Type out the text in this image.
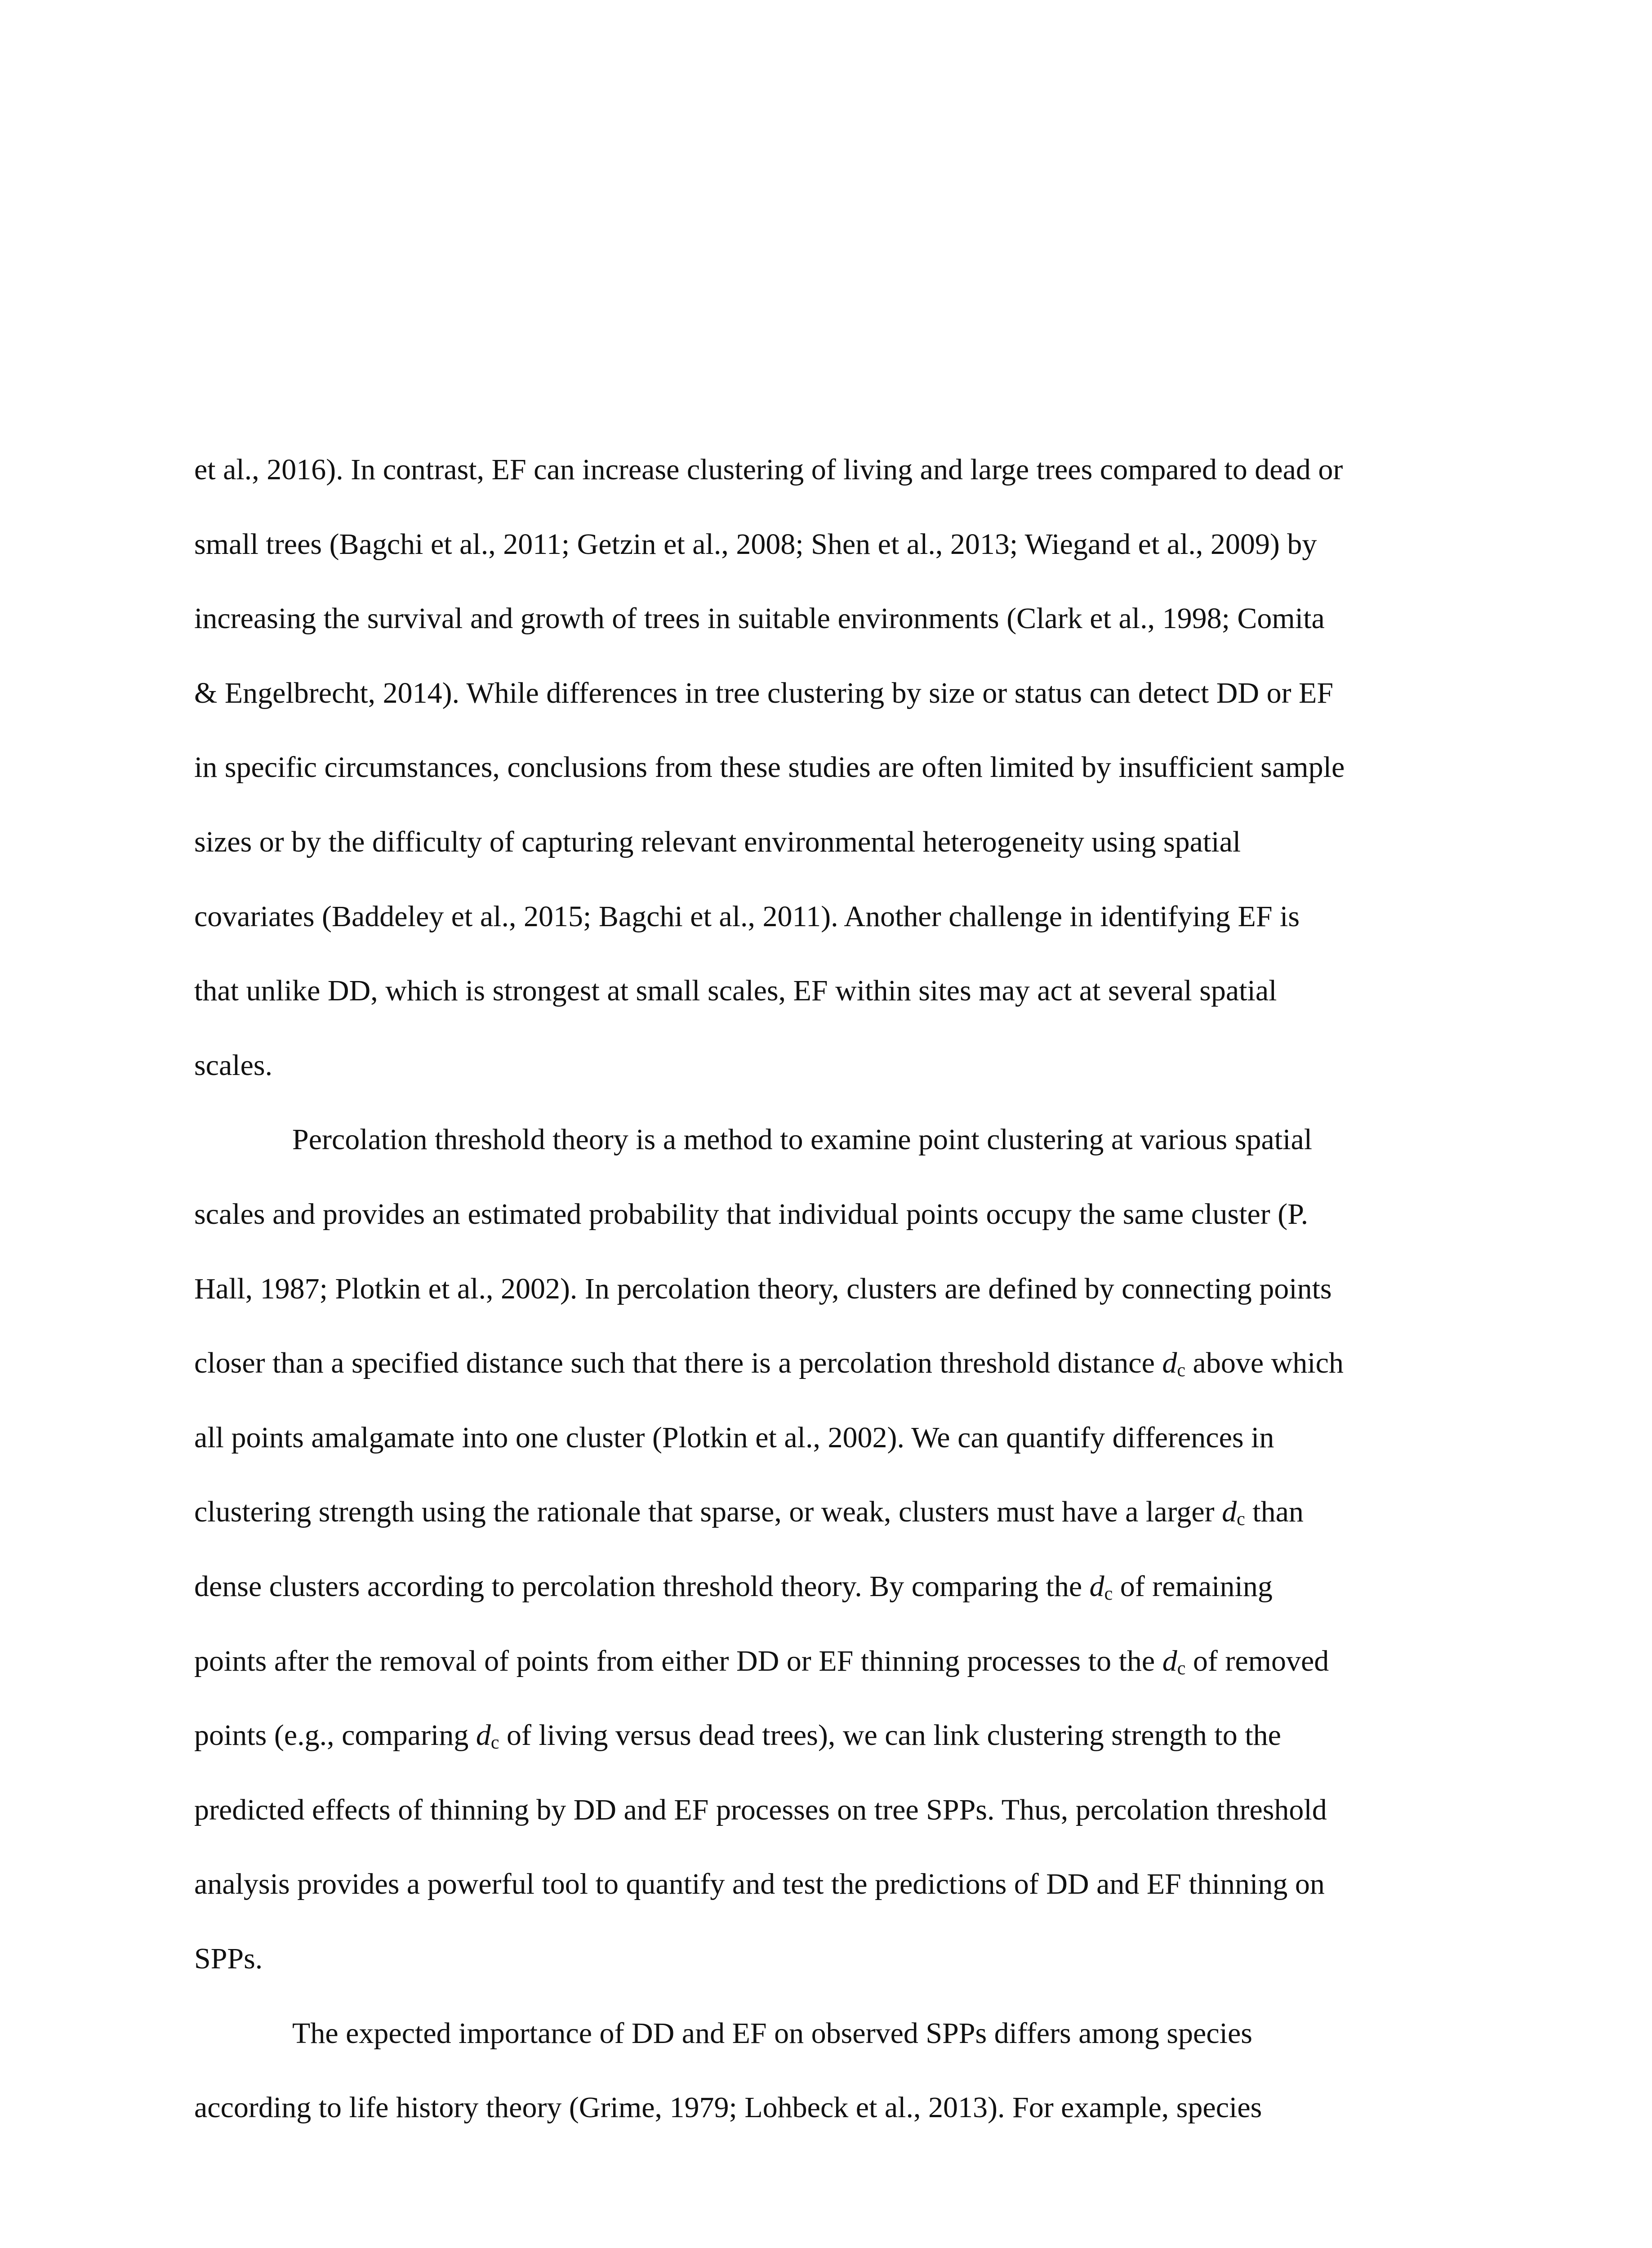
et al., 2016). In contrast, EF can increase clustering of living and large trees compared to dead or
small trees (Bagchi et al., 2011; Getzin et al., 2008; Shen et al., 2013; Wiegand et al., 2009) by
increasing the survival and growth of trees in suitable environments (Clark et al., 1998; Comita
& Engelbrecht, 2014). While differences in tree clustering by size or status can detect DD or EF
in specific circumstances, conclusions from these studies are often limited by insufficient sample
sizes or by the difficulty of capturing relevant environmental heterogeneity using spatial
covariates (Baddeley et al., 2015; Bagchi et al., 2011). Another challenge in identifying EF is
that unlike DD, which is strongest at small scales, EF within sites may act at several spatial
scales.
Percolation threshold theory is a method to examine point clustering at various spatial
scales and provides an estimated probability that individual points occupy the same cluster (P.
Hall, 1987; Plotkin et al., 2002). In percolation theory, clusters are defined by connecting points
closer than a specified distance such that there is a percolation threshold distance $d_c$ above which
all points amalgamate into one cluster (Plotkin et al., 2002). We can quantify differences in
clustering strength using the rationale that sparse, or weak, clusters must have a larger $d_c$ than
dense clusters according to percolation threshold theory. By comparing the $d_c$ of remaining
points after the removal of points from either DD or EF thinning processes to the $d_c$ of removed
points (e.g., comparing $d_c$ of living versus dead trees), we can link clustering strength to the
predicted effects of thinning by DD and EF processes on tree SPPs. Thus, percolation threshold
analysis provides a powerful tool to quantify and test the predictions of DD and EF thinning on
SPPs.
The expected importance of DD and EF on observed SPPs differs among species
according to life history theory (Grime, 1979; Lohbeck et al., 2013). For example, species
